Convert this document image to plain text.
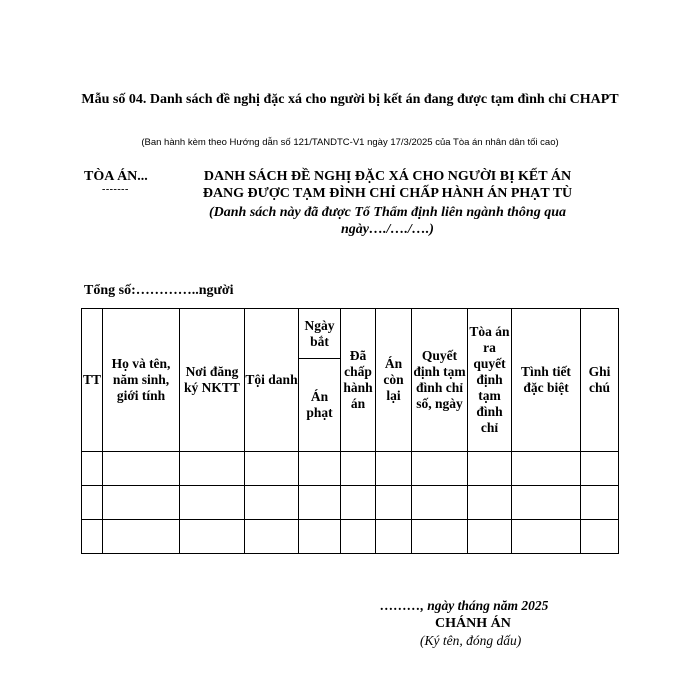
Mẫu số 04. Danh sách đề nghị đặc xá cho người bị kết án đang được tạm đình chỉ CHAPT
(Ban hành kèm theo Hướng dẫn số 121/TANDTC-V1 ngày 17/3/2025 của Tòa án nhân dân tối cao)
TÒA ÁN...
-------
DANH SÁCH ĐỀ NGHỊ ĐẶC XÁ CHO NGƯỜI BỊ KẾT ÁN ĐANG ĐƯỢC TẠM ĐÌNH CHỈ CHẤP HÀNH ÁN PHẠT TÙ
(Danh sách này đã được Tổ Thẩm định liên ngành thông qua ngày…./…./….)
Tổng số:…………..người
TT	Họ và tên, năm sinh, giới tính	Nơi đăng ký NKTT	Tội danh	Ngày bắt	Đã chấp hành án	Án còn lại	Quyết định tạm đình chỉ số, ngày	Tòa án ra quyết định tạm đình chỉ	Tình tiết đặc biệt	Ghi chú
				Án phạt						

………, ngày tháng năm 2025
CHÁNH ÁN
(Ký tên, đóng dấu)
